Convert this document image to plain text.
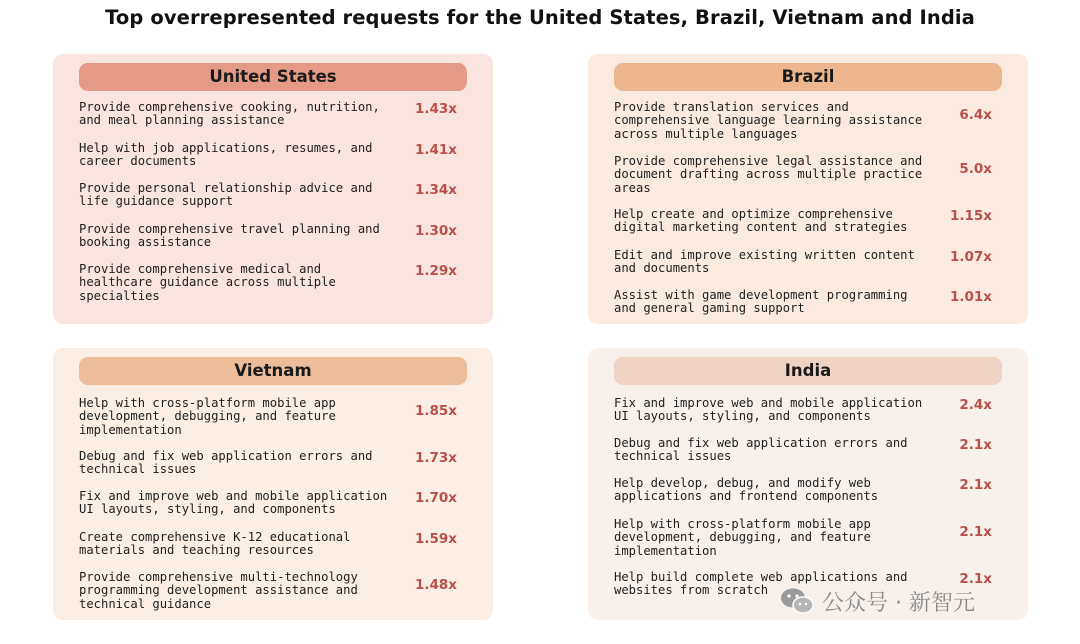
Top overrepresented requests for the United States, Brazil, Vietnam and India
United States
Provide comprehensive cooking, nutrition, and meal planning assistance
1.43x
Help with job applications, resumes, and career documents
1.41x
Provide personal relationship advice and life guidance support
1.34x
Provide comprehensive travel planning and booking assistance
1.30x
Provide comprehensive medical and healthcare guidance across multiple specialties
1.29x
Brazil
Provide translation services and comprehensive language learning assistance across multiple languages
6.4x
Provide comprehensive legal assistance and document drafting across multiple practice areas
5.0x
Help create and optimize comprehensive digital marketing content and strategies
1.15x
Edit and improve existing written content and documents
1.07x
Assist with game development programming and general gaming support
1.01x
Vietnam
Help with cross-platform mobile app development, debugging, and feature implementation
1.85x
Debug and fix web application errors and technical issues
1.73x
Fix and improve web and mobile application UI layouts, styling, and components
1.70x
Create comprehensive K-12 educational materials and teaching resources
1.59x
Provide comprehensive multi-technology programming development assistance and technical guidance
1.48x
India
Fix and improve web and mobile application UI layouts, styling, and components
2.4x
Debug and fix web application errors and technical issues
2.1x
Help develop, debug, and modify web applications and frontend components
2.1x
Help with cross-platform mobile app development, debugging, and feature implementation
2.1x
Help build complete web applications and websites from scratch
2.1x
公众号 · 新智元
